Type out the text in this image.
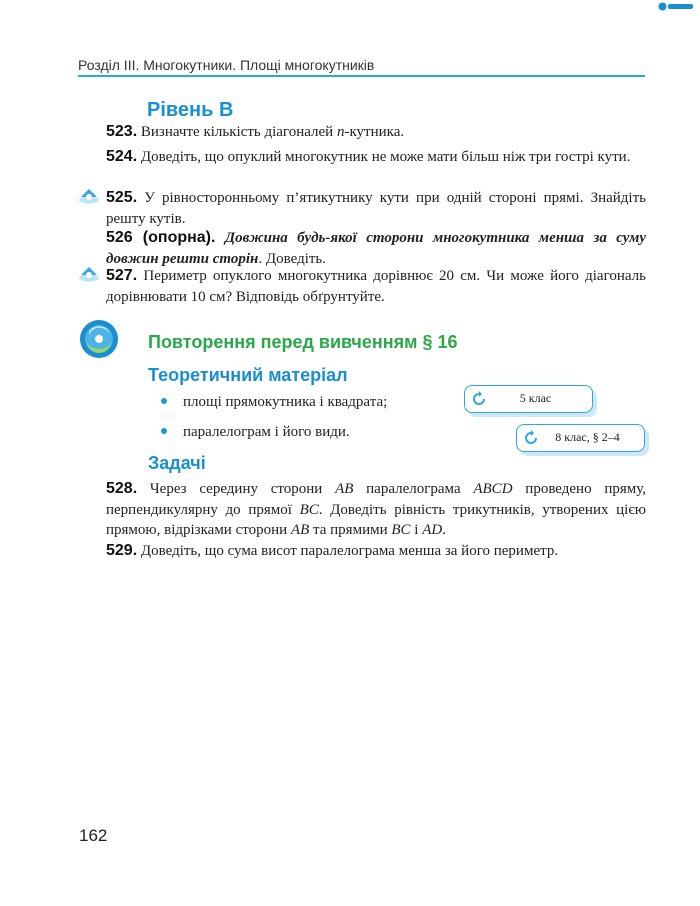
Розділ III. Многокутники. Площі многокутників
Рівень В
523. Визначте кількість діагоналей n-кутника.
524. Доведіть, що опуклий многокутник не може мати більш ніж три гострі кути.
525. У рівносторонньому п’ятикутнику кути при одній стороні прямі. Знайдіть решту кутів.
526 (опорна). Довжина будь-якої сторони многокутника менша за суму довжин решти сторін. Доведіть.
527. Периметр опуклого многокутника дорівнює 20 см. Чи може його діагональ дорівнювати 10 см? Відповідь обґрунтуйте.
Повторення перед вивченням § 16
Теоретичний матеріал
площі прямокутника і квадрата;
паралелограм і його види.
5 клас
8 клас, § 2–4
Задачі
528. Через середину сторони AB паралелограма ABCD проведено пряму, перпендикулярну до прямої BC. Доведіть рівність трикутників, утворених цією прямою, відрізками сторони AB та прямими BC і AD.
529. Доведіть, що сума висот паралелограма менша за його периметр.
162
